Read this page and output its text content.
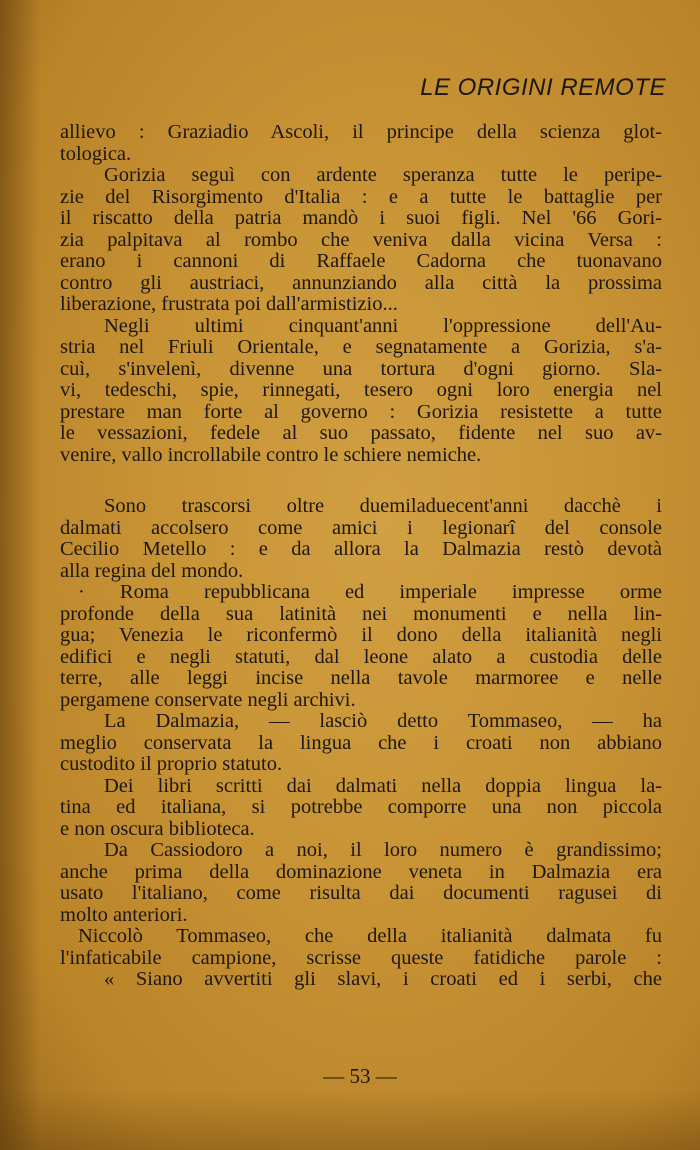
LE ORIGINI REMOTE
allievo : Graziadio Ascoli, il principe della scienza glot-
tologica.
Gorizia seguì con ardente speranza tutte le peripe-
zie del Risorgimento d'Italia : e a tutte le battaglie per
il riscatto della patria mandò i suoi figli. Nel '66 Gori-
zia palpitava al rombo che veniva dalla vicina Versa :
erano i cannoni di Raffaele Cadorna che tuonavano
contro gli austriaci, annunziando alla città la prossima
liberazione, frustrata poi dall'armistizio...
Negli ultimi cinquant'anni l'oppressione dell'Au-
stria nel Friuli Orientale, e segnatamente a Gorizia, s'a-
cuì, s'invelenì, divenne una tortura d'ogni giorno. Sla-
vi, tedeschi, spie, rinnegati, tesero ogni loro energia nel
prestare man forte al governo : Gorizia resistette a tutte
le vessazioni, fedele al suo passato, fidente nel suo av-
venire, vallo incrollabile contro le schiere nemiche.
Sono trascorsi oltre duemiladuecent'anni dacchè i
dalmati accolsero come amici i legionarî del console
Cecilio Metello : e da allora la Dalmazia restò devotà
alla regina del mondo.
· Roma repubblicana ed imperiale impresse orme
profonde della sua latinità nei monumenti e nella lin-
gua; Venezia le riconfermò il dono della italianità negli
edifici e negli statuti, dal leone alato a custodia delle
terre, alle leggi incise nella tavole marmoree e nelle
pergamene conservate negli archivi.
La Dalmazia, — lasciò detto Tommaseo, — ha
meglio conservata la lingua che i croati non abbiano
custodito il proprio statuto.
Dei libri scritti dai dalmati nella doppia lingua la-
tina ed italiana, si potrebbe comporre una non piccola
e non oscura biblioteca.
Da Cassiodoro a noi, il loro numero è grandissimo;
anche prima della dominazione veneta in Dalmazia era
usato l'italiano, come risulta dai documenti ragusei di
molto anteriori.
Niccolò Tommaseo, che della italianità dalmata fu
l'infaticabile campione, scrisse queste fatidiche parole :
« Siano avvertiti gli slavi, i croati ed i serbi, che
— 53 —
